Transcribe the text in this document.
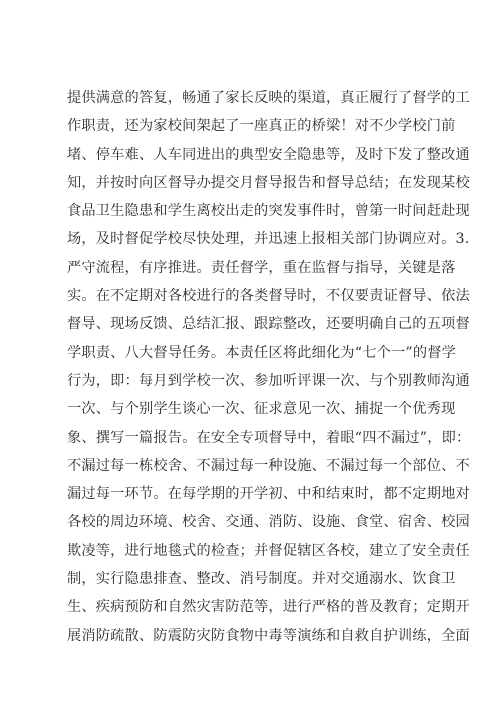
提供满意的答复，畅通了家长反映的渠道，真正履行了督学的工
作职责，还为家校间架起了一座真正的桥梁！对不少学校门前
堵、停车难、人车同进出的典型安全隐患等，及时下发了整改通
知，并按时向区督导办提交月督导报告和督导总结；在发现某校
食品卫生隐患和学生离校出走的突发事件时，曾第一时间赶赴现
场，及时督促学校尽快处理，并迅速上报相关部门协调应对。3.
严守流程，有序推进。责任督学，重在监督与指导，关键是落
实。在不定期对各校进行的各类督导时，不仅要责证督导、依法
督导、现场反馈、总结汇报、跟踪整改，还要明确自己的五项督
学职责、八大督导任务。本责任区将此细化为“七个一”的督学
行为，即：每月到学校一次、参加听评课一次、与个别教师沟通
一次、与个别学生谈心一次、征求意见一次、捕捉一个优秀现
象、撰写一篇报告。在安全专项督导中，着眼“四不漏过”，即：
不漏过每一栋校舍、不漏过每一种设施、不漏过每一个部位、不
漏过每一环节。在每学期的开学初、中和结束时，都不定期地对
各校的周边环境、校舍、交通、消防、设施、食堂、宿舍、校园
欺凌等，进行地毯式的检查；并督促辖区各校，建立了安全责任
制，实行隐患排查、整改、消号制度。并对交通溺水、饮食卫
生、疾病预防和自然灾害防范等，进行严格的普及教育；定期开
展消防疏散、防震防灾防食物中毒等演练和自救自护训练，全面
